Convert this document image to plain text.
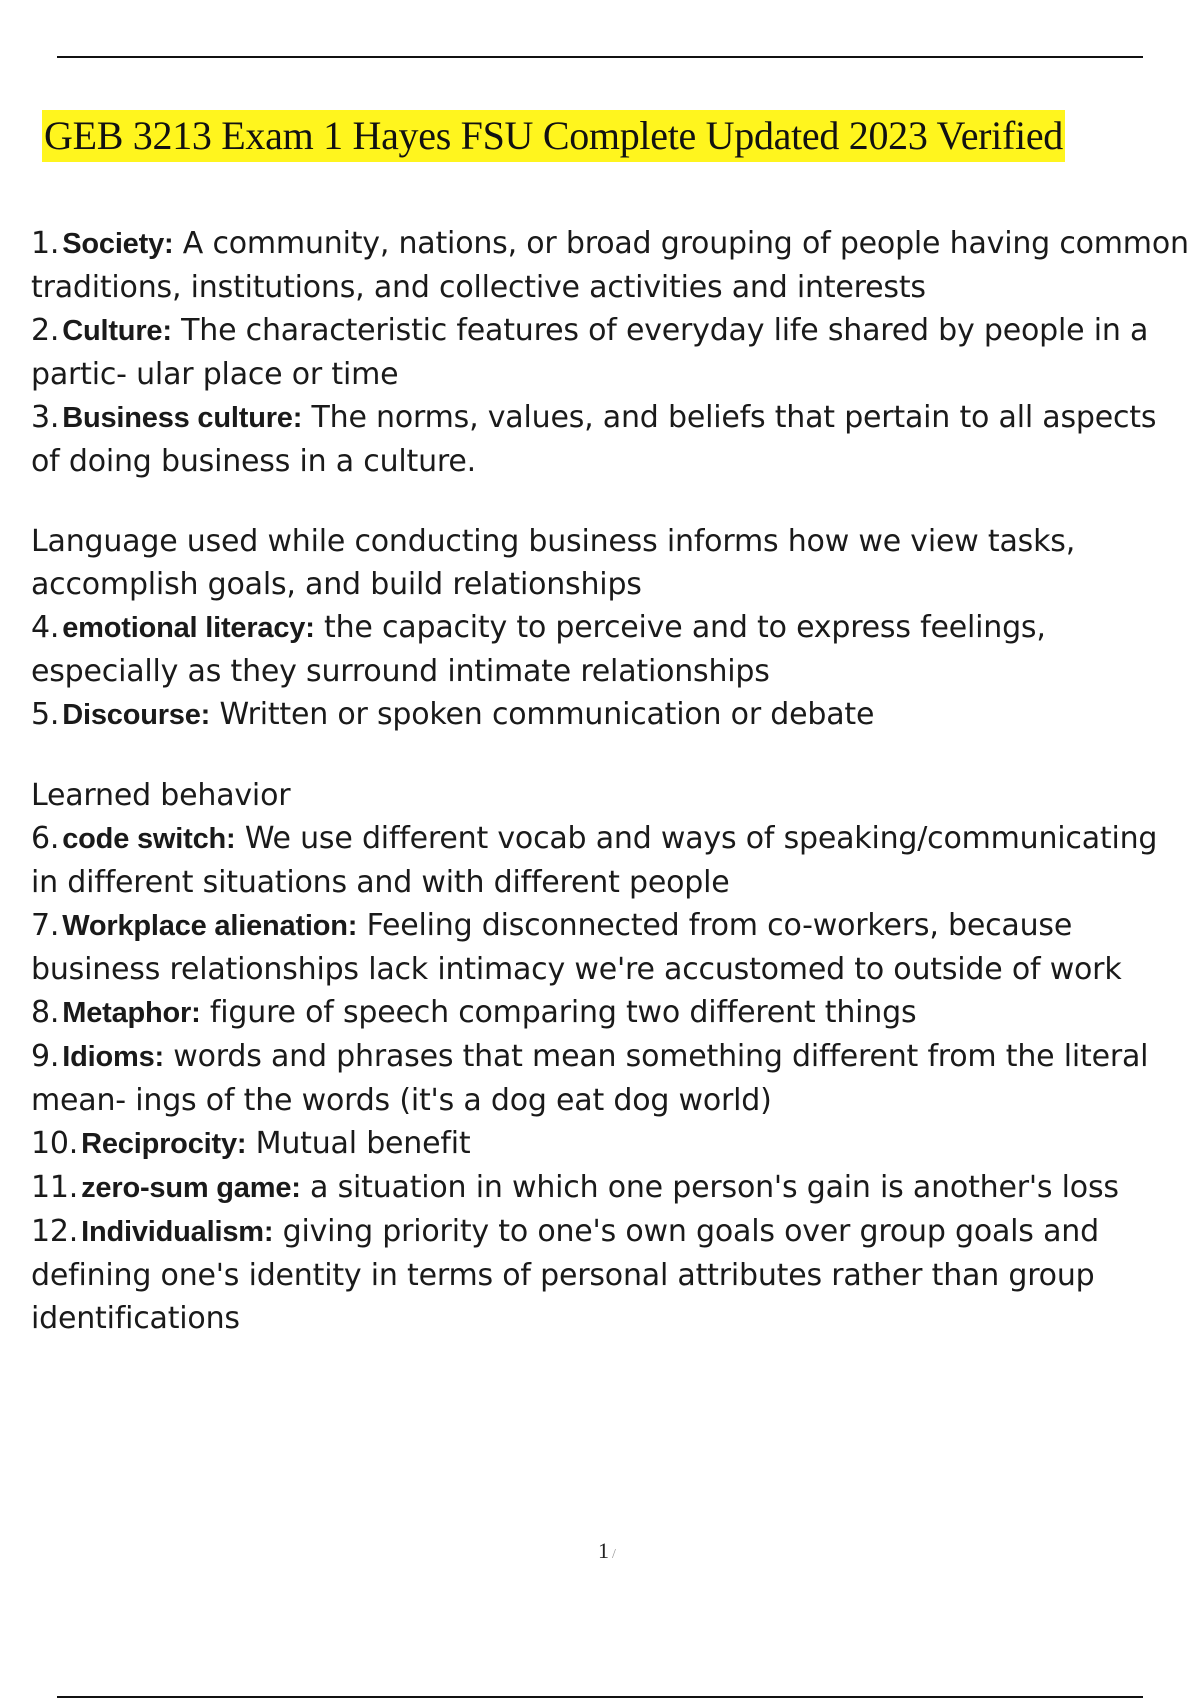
GEB 3213 Exam 1 Hayes FSU Complete Updated 2023 Verified

1. Society: A community, nations, or broad grouping of people having common traditions, institutions, and collective activities and interests

2. Culture: The characteristic features of everyday life shared by people in a partic- ular place or time

3. Business culture: The norms, values, and beliefs that pertain to all aspects of doing business in a culture.

Language used while conducting business informs how we view tasks, accomplish goals, and build relationships

4. emotional literacy: the capacity to perceive and to express feelings, especially as they surround intimate relationships

5. Discourse: Written or spoken communication or debate

Learned behavior

6. code switch: We use different vocab and ways of speaking/communicating in different situations and with different people

7. Workplace alienation: Feeling disconnected from co-workers, because business relationships lack intimacy we're accustomed to outside of work

8. Metaphor: figure of speech comparing two different things

9. Idioms: words and phrases that mean something different from the literal mean- ings of the words (it's a dog eat dog world)

10. Reciprocity: Mutual benefit

11. zero-sum game: a situation in which one person's gain is another's loss

12. Individualism: giving priority to one's own goals over group goals and defining one's identity in terms of personal attributes rather than group identifications

1 /
